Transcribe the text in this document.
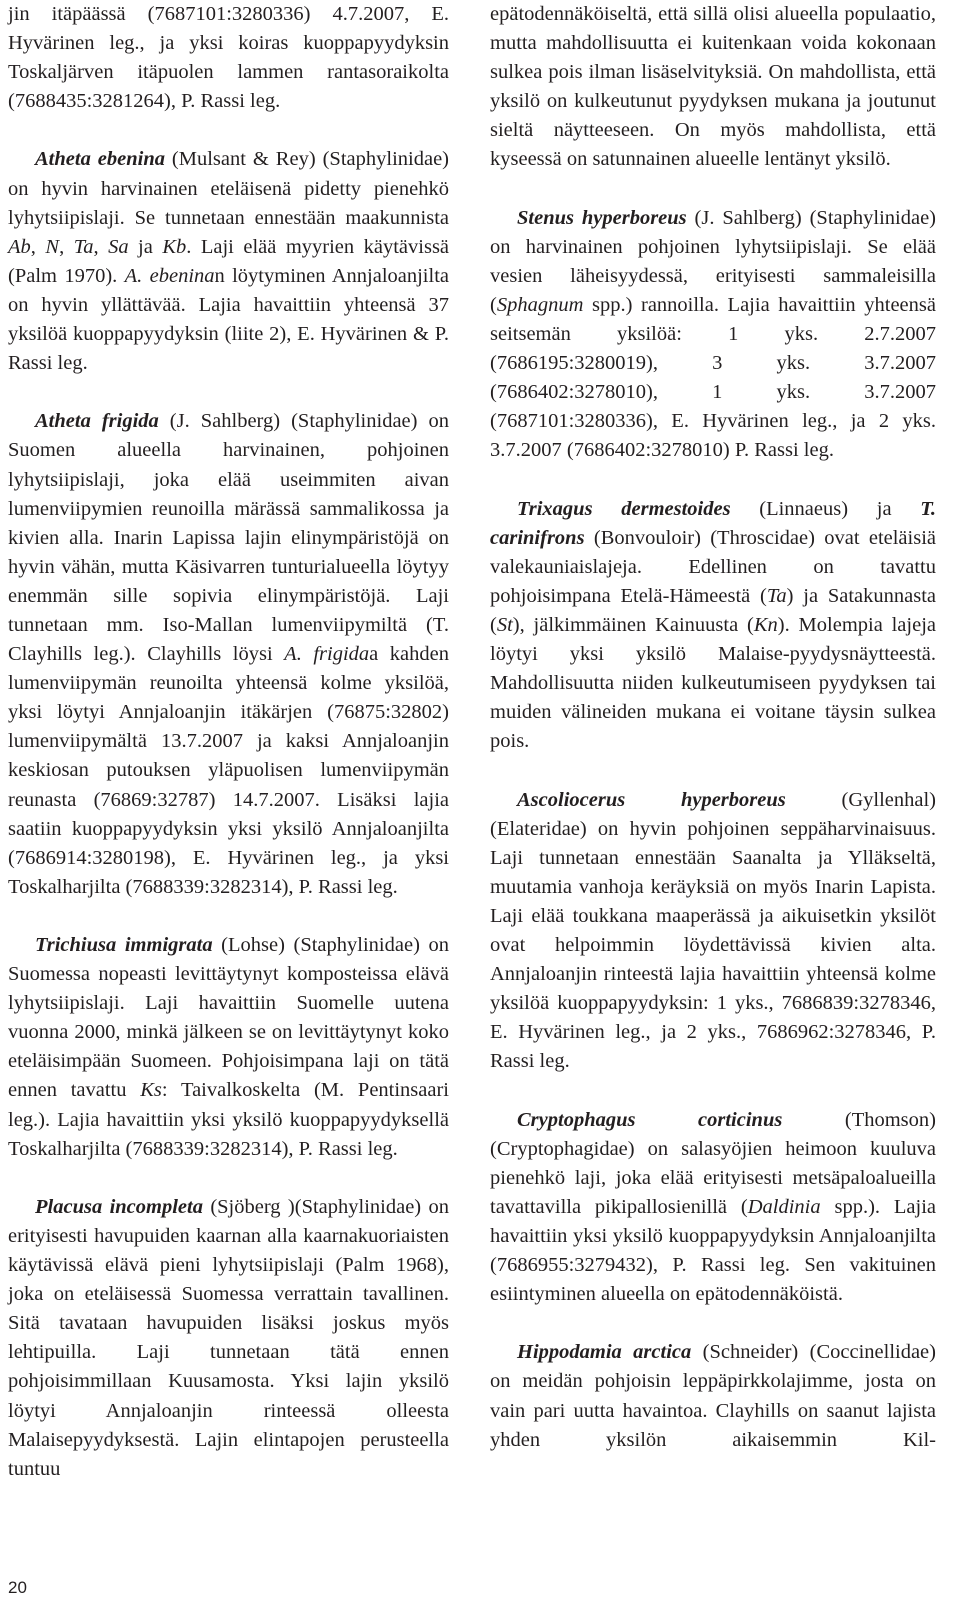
jin itäpäässä (7687101:3280336) 4.7.2007, E. Hyvärinen leg., ja yksi koiras kuoppapyydyksin Toskaljärven itäpuolen lammen rantasoraikolta (7688435:3281264), P. Rassi leg.

Atheta ebenina (Mulsant & Rey) (Staphylinidae) on hyvin harvinainen eteläisenä pidetty pienehkö lyhytsiipislaji. Se tunnetaan ennestään maakunnista Ab, N, Ta, Sa ja Kb. Laji elää myyrien käytävissä (Palm 1970). A. ebeninan löytyminen Annjaloanjilta on hyvin yllättävää. Lajia havaittiin yhteensä 37 yksilöä kuoppapyydyksin (liite 2), E. Hyvärinen & P. Rassi leg.

Atheta frigida (J. Sahlberg) (Staphylinidae) on Suomen alueella harvinainen, pohjoinen lyhytsiipislaji, joka elää useimmiten aivan lumenviipymien reunoilla märässä sammalikossa ja kivien alla. Inarin Lapissa lajin elinympäristöjä on hyvin vähän, mutta Käsivarren tunturialueella löytyy enemmän sille sopivia elinympäristöjä. Laji tunnetaan mm. Iso-Mallan lumenviipymiltä (T. Clayhills leg.). Clayhills löysi A. frigidaa kahden lumenviipymän reunoilta yhteensä kolme yksilöä, yksi löytyi Annjaloanjin itäkärjen (76875:32802) lumenviipymältä 13.7.2007 ja kaksi Annjaloanjin keskiosan putouksen yläpuolisen lumenviipymän reunasta (76869:32787) 14.7.2007. Lisäksi lajia saatiin kuoppapyydyksin yksi yksilö Annjaloanjilta (7686914:3280198), E. Hyvärinen leg., ja yksi Toskalharjilta (7688339:3282314), P. Rassi leg.

Trichiusa immigrata (Lohse) (Staphylinidae) on Suomessa nopeasti levittäytynyt komposteissa elävä lyhytsiipislaji. Laji havaittiin Suomelle uutena vuonna 2000, minkä jälkeen se on levittäytynyt koko eteläisimpään Suomeen. Pohjoisimpana laji on tätä ennen tavattu Ks: Taivalkoskelta (M. Pentinsaari leg.). Lajia havaittiin yksi yksilö kuoppapyydyksellä Toskalharjilta (7688339:3282314), P. Rassi leg.

Placusa incompleta (Sjöberg )(Staphylinidae) on erityisesti havupuiden kaarnan alla kaarnakuoriaisten käytävissä elävä pieni lyhytsiipislaji (Palm 1968), joka on eteläisessä Suomessa verrattain tavallinen. Sitä tavataan havupuiden lisäksi joskus myös lehtipuilla. Laji tunnetaan tätä ennen pohjoisimmillaan Kuusamosta. Yksi lajin yksilö löytyi Annjaloanjin rinteessä olleesta Malaisepyydyksestä. Lajin elintapojen perusteella tuntuu

epätodennäköiseltä, että sillä olisi alueella populaatio, mutta mahdollisuutta ei kuitenkaan voida kokonaan sulkea pois ilman lisäselvityksiä. On mahdollista, että yksilö on kulkeutunut pyydyksen mukana ja joutunut sieltä näytteeseen. On myös mahdollista, että kyseessä on satunnainen alueelle lentänyt yksilö.

Stenus hyperboreus (J. Sahlberg) (Staphylinidae) on harvinainen pohjoinen lyhytsiipislaji. Se elää vesien läheisyydessä, erityisesti sammaleisilla (Sphagnum spp.) rannoilla. Lajia havaittiin yhteensä seitsemän yksilöä: 1 yks. 2.7.2007 (7686195:3280019), 3 yks. 3.7.2007 (7686402:3278010), 1 yks. 3.7.2007 (7687101:3280336), E. Hyvärinen leg., ja 2 yks. 3.7.2007 (7686402:3278010) P. Rassi leg.

Trixagus dermestoides (Linnaeus) ja T. carinifrons (Bonvouloir) (Throscidae) ovat eteläisiä valekauniaislajeja. Edellinen on tavattu pohjoisimpana Etelä-Hämeestä (Ta) ja Satakunnasta (St), jälkimmäinen Kainuusta (Kn). Molempia lajeja löytyi yksi yksilö Malaise-pyydysnäytteestä. Mahdollisuutta niiden kulkeutumiseen pyydyksen tai muiden välineiden mukana ei voitane täysin sulkea pois.

Ascoliocerus hyperboreus (Gyllenhal) (Elateridae) on hyvin pohjoinen seppäharvinaisuus. Laji tunnetaan ennestään Saanalta ja Ylläkseltä, muutamia vanhoja keräyksiä on myös Inarin Lapista. Laji elää toukkana maaperässä ja aikuisetkin yksilöt ovat helpoimmin löydettävissä kivien alta. Annjaloanjin rinteestä lajia havaittiin yhteensä kolme yksilöä kuoppapyydyksin: 1 yks., 7686839:3278346, E. Hyvärinen leg., ja 2 yks., 7686962:3278346, P. Rassi leg.

Cryptophagus corticinus (Thomson) (Cryptophagidae) on salasyöjien heimoon kuuluva pienehkö laji, joka elää erityisesti metsäpaloalueilla tavattavilla pikipallosienillä (Daldinia spp.). Lajia havaittiin yksi yksilö kuoppapyydyksin Annjaloanjilta (7686955:3279432), P. Rassi leg. Sen vakituinen esiintyminen alueella on epätodennäköistä.

Hippodamia arctica (Schneider) (Coccinellidae) on meidän pohjoisin leppäpirkkolajimme, josta on vain pari uutta havaintoa. Clayhills on saanut lajista yhden yksilön aikaisemmin Kil-

20
